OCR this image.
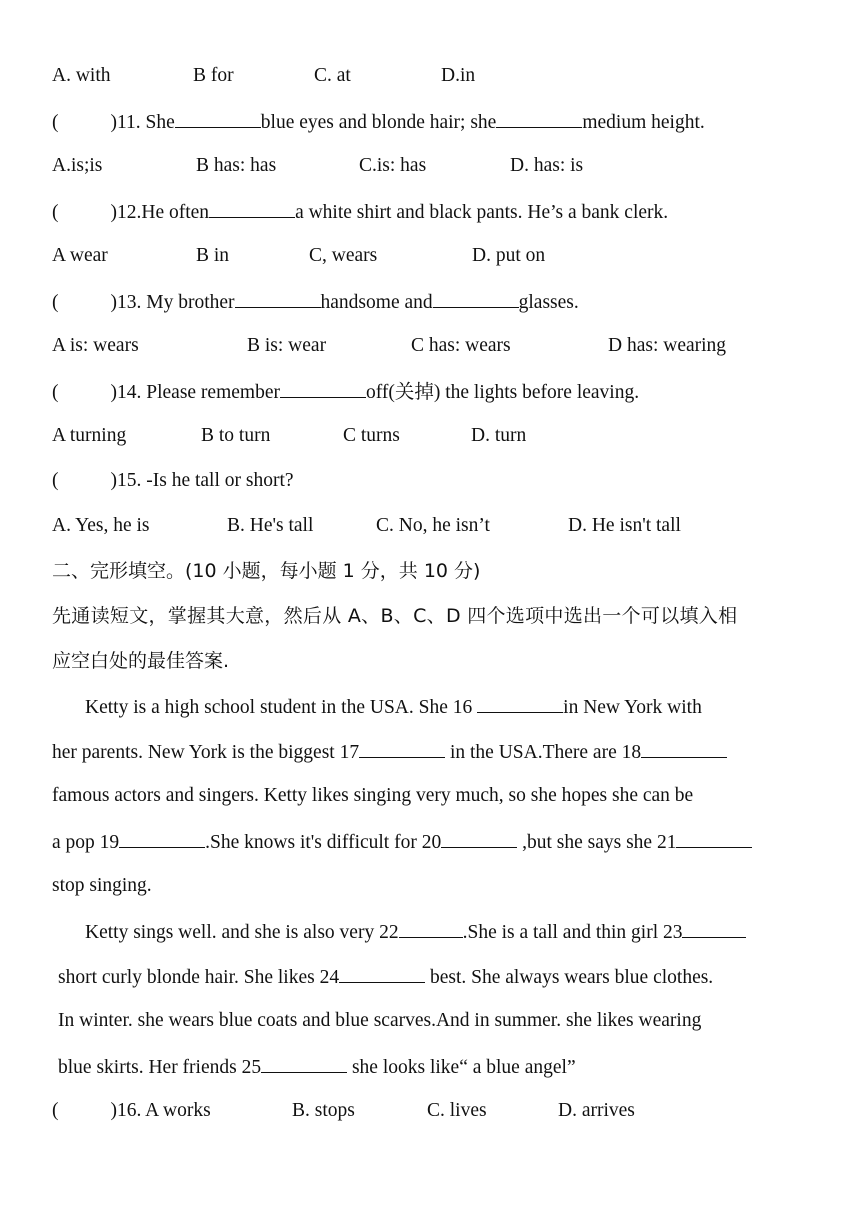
A. with	B for	C. at	D.in
(	)11. She	blue eyes and blonde hair; she	medium height.
A.is;is	B has: has	C.is: has	D. has: is
(	)12.He often	a white shirt and black pants. He’s a bank clerk.
A wear	B in	C, wears	D. put on
(	)13. My brother	handsome and	glasses.
A is: wears	B is: wear	C has: wears	D has: wearing
(	)14. Please remember	off(关掉) the lights before leaving.
A turning	B to turn	C turns	D. turn
(	)15. -Is he tall or short?
A. Yes, he is	B. He's tall	C. No, he isn’t	D. He isn't tall
二、完形填空。(10 小题，每小题 1 分，共 10 分)
先通读短文，掌握其大意，然后从 A、B、C、D 四个选项中选出一个可以填入相
应空白处的最佳答案.
Ketty is a high school student in the USA. She 16	in New York with
her parents. New York is the biggest 17	in the USA.There are 18
famous actors and singers. Ketty likes singing very much, so she hopes she can be
a pop 19	.She knows it's difficult for 20	,but she says she 21
stop singing.
Ketty sings well. and she is also very 22	.She is a tall and thin girl 23
short curly blonde hair. She likes 24	best. She always wears blue clothes.
In winter. she wears blue coats and blue scarves.And in summer. she likes wearing
blue skirts. Her friends 25	she looks like“ a blue angel”
(	)16. A works	B. stops	C. lives	D. arrives
